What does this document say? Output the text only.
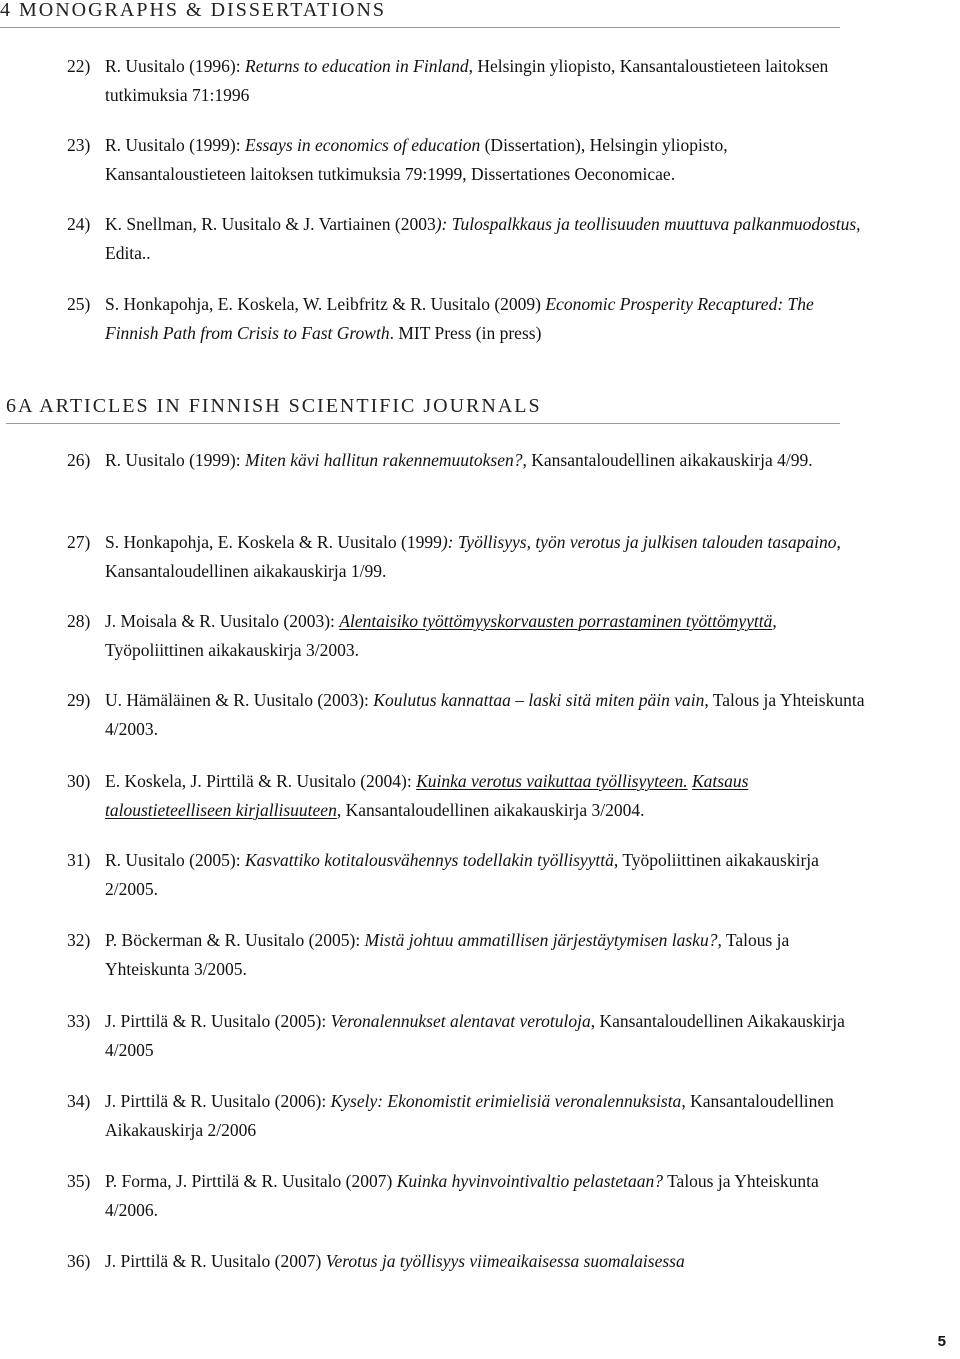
4 MONOGRAPHS & DISSERTATIONS
22) R. Uusitalo (1996): Returns to education in Finland, Helsingin yliopisto, Kansantaloustieteen laitoksen tutkimuksia 71:1996
23) R. Uusitalo (1999): Essays in economics of education (Dissertation), Helsingin yliopisto, Kansantaloustieteen laitoksen tutkimuksia 79:1999, Dissertationes Oeconomicae.
24) K. Snellman, R. Uusitalo & J. Vartiainen (2003): Tulospalkkaus ja teollisuuden muuttuva palkanmuodostus, Edita..
25) S. Honkapohja, E. Koskela, W. Leibfritz & R. Uusitalo (2009) Economic Prosperity Recaptured: The Finnish Path from Crisis to Fast Growth. MIT Press (in press)
6A ARTICLES IN FINNISH SCIENTIFIC JOURNALS
26) R. Uusitalo (1999): Miten kävi hallitun rakennemuutoksen?, Kansantaloudellinen aikakauskirja 4/99.
27) S. Honkapohja, E. Koskela & R. Uusitalo (1999): Työllisyys, työn verotus ja julkisen talouden tasapaino, Kansantaloudellinen aikakauskirja 1/99.
28) J. Moisala & R. Uusitalo (2003): Alentaisiko työttömyyskorvausten porrastaminen työttömyyttä, Työpoliittinen aikakauskirja 3/2003.
29) U. Hämäläinen & R. Uusitalo (2003): Koulutus kannattaa – laski sitä miten päin vain, Talous ja Yhteiskunta 4/2003.
30) E. Koskela, J. Pirttilä & R. Uusitalo (2004): Kuinka verotus vaikuttaa työllisyyteen. Katsaus taloustieteelliseen kirjallisuuteen, Kansantaloudellinen aikakauskirja 3/2004.
31) R. Uusitalo (2005): Kasvattiko kotitalousvähennys todellakin työllisyyttä, Työpoliittinen aikakauskirja 2/2005.
32) P. Böckerman & R. Uusitalo (2005): Mistä johtuu ammatillisen järjestäytymisen lasku?, Talous ja Yhteiskunta 3/2005.
33) J. Pirttilä & R. Uusitalo (2005): Veronalennukset alentavat verotuloja, Kansantaloudellinen Aikakauskirja 4/2005
34) J. Pirttilä & R. Uusitalo (2006): Kysely: Ekonomistit erimielisiä veronalennuksista, Kansantaloudellinen Aikakauskirja 2/2006
35) P. Forma, J. Pirttilä & R. Uusitalo (2007) Kuinka hyvinvointivaltio pelastetaan? Talous ja Yhteiskunta 4/2006.
36) J. Pirttilä & R. Uusitalo (2007) Verotus ja työllisyys viimeaikaisessa suomalaisessa
5
